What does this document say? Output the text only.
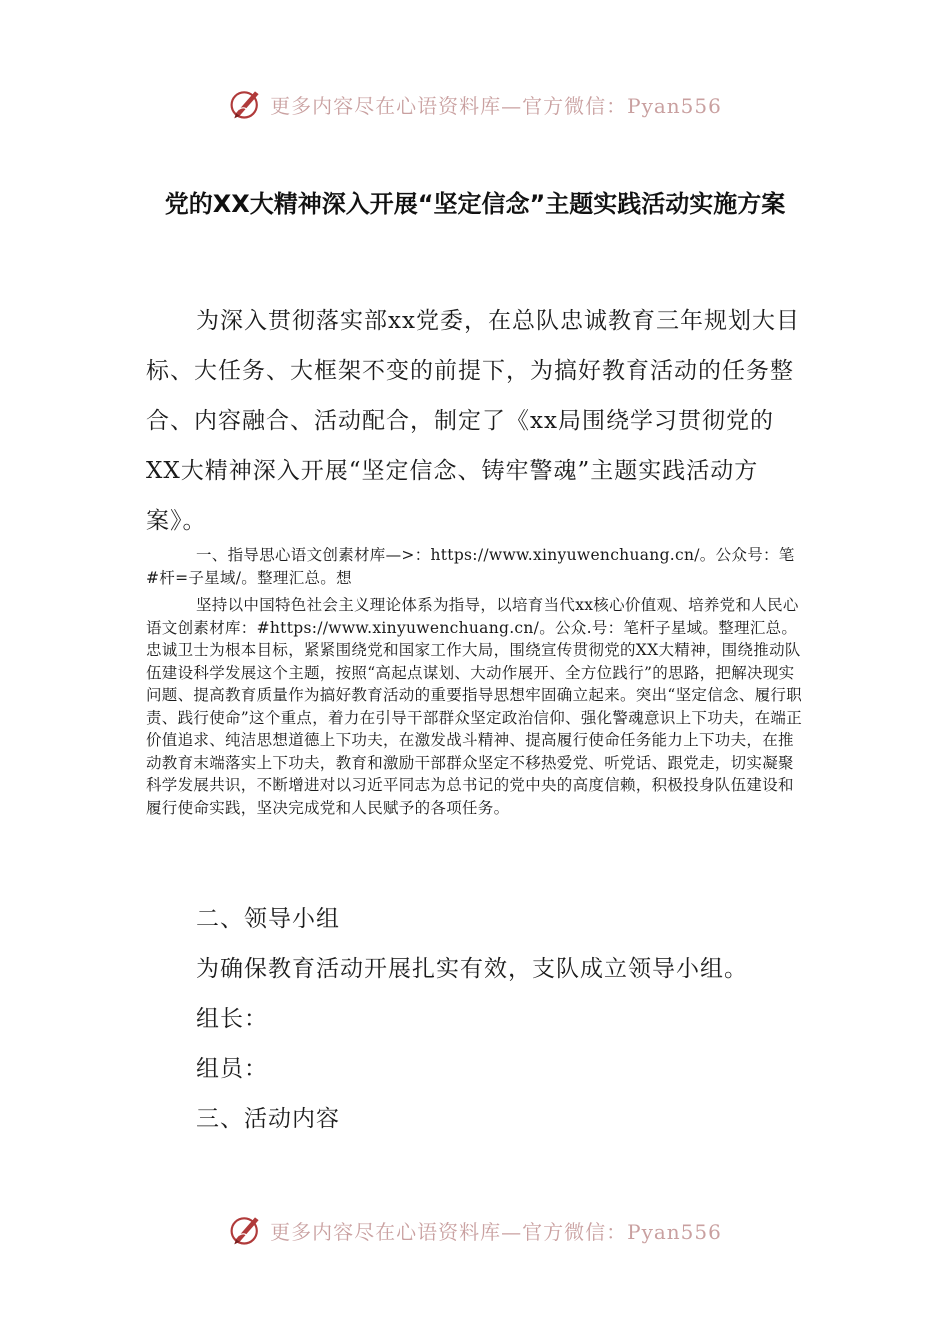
更多内容尽在心语资料库—官方微信：Pyan556
党的XX大精神深入开展“坚定信念”主题实践活动实施方案

为深入贯彻落实部xx党委，在总队忠诚教育三年规划大目标、大任务、大框架不变的前提下，为搞好教育活动的任务整合、内容融合、活动配合，制定了《xx局围绕学习贯彻党的XX大精神深入开展“坚定信念、铸牢警魂”主题实践活动方案》。

一、指导思心语文创素材库—>：https://www.xinyuwenchuang.cn/。公众号：笔#杆=子星域/。整理汇总。想

坚持以中国特色社会主义理论体系为指导，以培育当代xx核心价值观、培养党和人民心语文创素材库：#https://www.xinyuwenchuang.cn/。公众.号：笔杆子星域。整理汇总。忠诚卫士为根本目标，紧紧围绕党和国家工作大局，围绕宣传贯彻党的XX大精神，围绕推动队伍建设科学发展这个主题，按照“高起点谋划、大动作展开、全方位践行”的思路，把解决现实问题、提高教育质量作为搞好教育活动的重要指导思想牢固确立起来。突出“坚定信念、履行职责、践行使命”这个重点，着力在引导干部群众坚定政治信仰、强化警魂意识上下功夫，在端正价值追求、纯洁思想道德上下功夫，在激发战斗精神、提高履行使命任务能力上下功夫，在推动教育末端落实上下功夫，教育和激励干部群众坚定不移热爱党、听党话、跟党走，切实凝聚科学发展共识，不断增进对以习近平同志为总书记的党中央的高度信赖，积极投身队伍建设和履行使命实践，坚决完成党和人民赋予的各项任务。

二、领导小组
为确保教育活动开展扎实有效，支队成立领导小组。
组长：
组员：
三、活动内容
更多内容尽在心语资料库—官方微信：Pyan556
